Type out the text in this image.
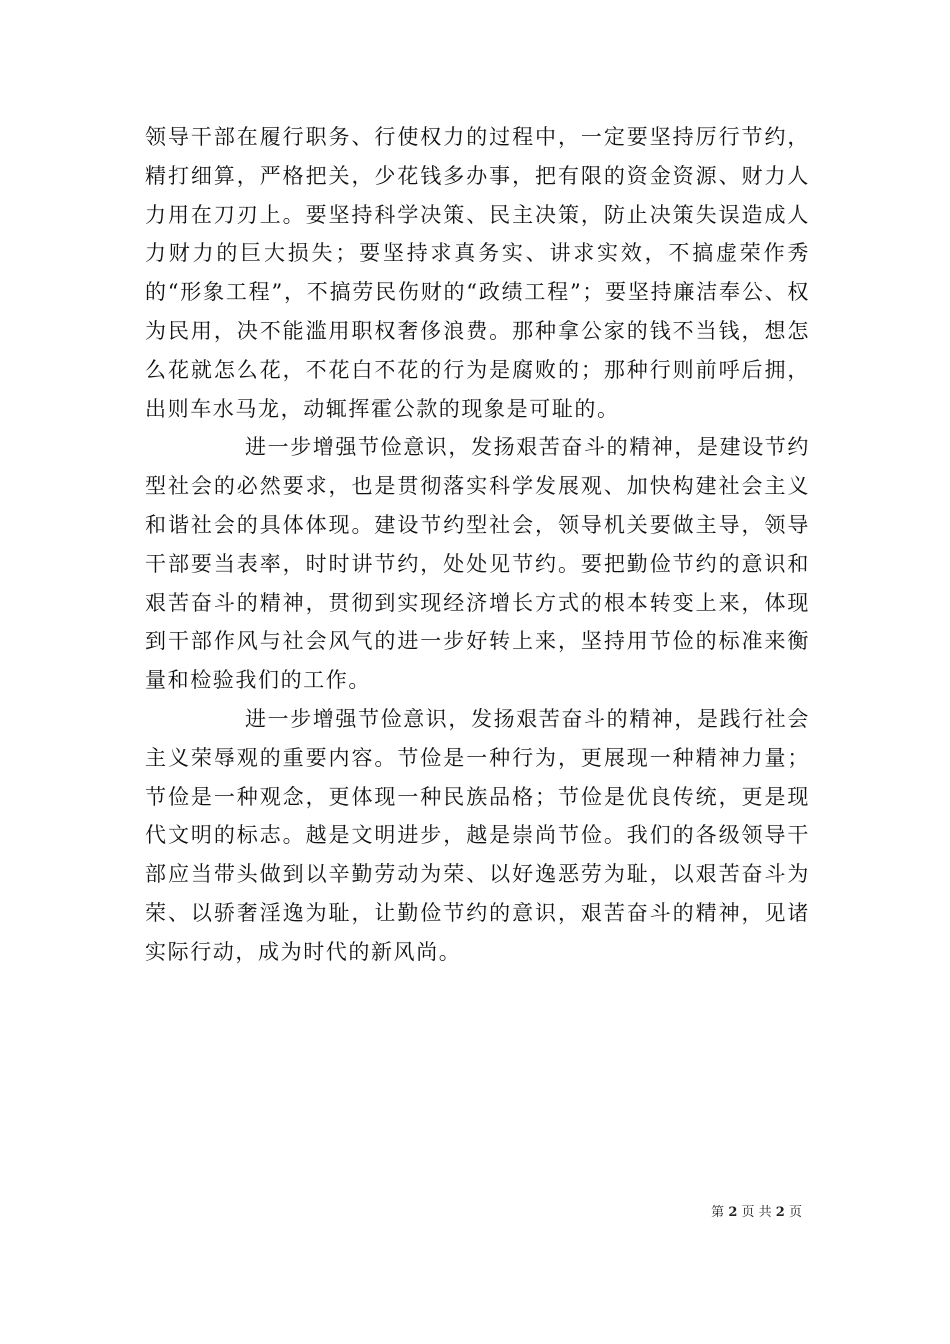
领导干部在履行职务、行使权力的过程中，一定要坚持厉行节约，精打细算，严格把关，少花钱多办事，把有限的资金资源、财力人力用在刀刃上。要坚持科学决策、民主决策，防止决策失误造成人力财力的巨大损失；要坚持求真务实、讲求实效，不搞虚荣作秀的“形象工程”，不搞劳民伤财的“政绩工程”；要坚持廉洁奉公、权为民用，决不能滥用职权奢侈浪费。那种拿公家的钱不当钱，想怎么花就怎么花，不花白不花的行为是腐败的；那种行则前呼后拥，出则车水马龙，动辄挥霍公款的现象是可耻的。

进一步增强节俭意识，发扬艰苦奋斗的精神，是建设节约型社会的必然要求，也是贯彻落实科学发展观、加快构建社会主义和谐社会的具体体现。建设节约型社会，领导机关要做主导，领导干部要当表率，时时讲节约，处处见节约。要把勤俭节约的意识和艰苦奋斗的精神，贯彻到实现经济增长方式的根本转变上来，体现到干部作风与社会风气的进一步好转上来，坚持用节俭的标准来衡量和检验我们的工作。

进一步增强节俭意识，发扬艰苦奋斗的精神，是践行社会主义荣辱观的重要内容。节俭是一种行为，更展现一种精神力量；节俭是一种观念，更体现一种民族品格；节俭是优良传统，更是现代文明的标志。越是文明进步，越是崇尚节俭。我们的各级领导干部应当带头做到以辛勤劳动为荣、以好逸恶劳为耻，以艰苦奋斗为荣、以骄奢淫逸为耻，让勤俭节约的意识，艰苦奋斗的精神，见诸实际行动，成为时代的新风尚。

第 2 页 共 2 页
